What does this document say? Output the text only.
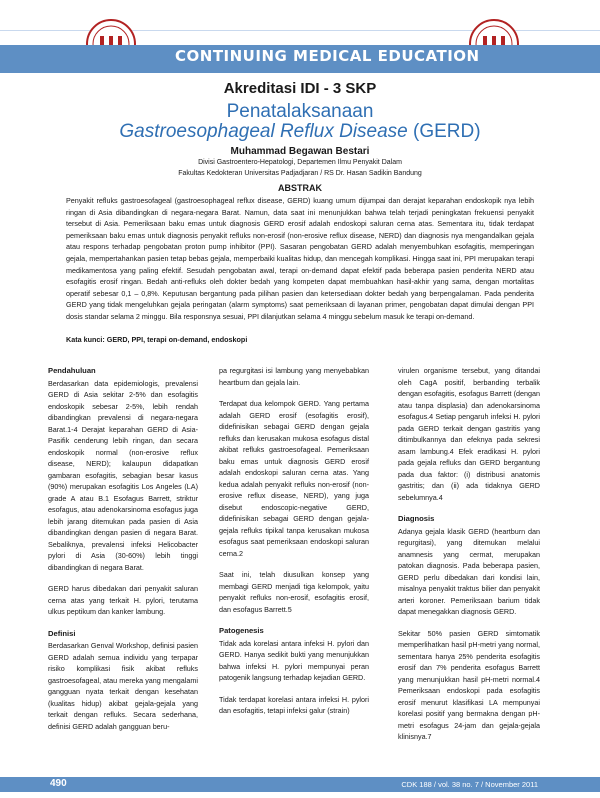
CONTINUING MEDICAL EDUCATION
Akreditasi IDI - 3 SKP
Penatalaksanaan
Gastroesophageal Reflux Disease (GERD)
Muhammad Begawan Bestari
Divisi Gastroentero-Hepatologi, Departemen Ilmu Penyakit Dalam
Fakultas Kedokteran Universitas Padjadjaran / RS Dr. Hasan Sadikin Bandung
ABSTRAK
Penyakit refluks gastroesofageal (gastroesophageal reflux disease, GERD) kuang umum dijumpai dan derajat keparahan endoskopik nya lebih ringan di Asia dibandingkan di negara-negara Barat. Namun, data saat ini menunjukkan bahwa telah terjadi peningkatan frekuensi penyakit tersebut di Asia. Pemeriksaan baku emas untuk diagnosis GERD erosif adalah endoskopi saluran cerna atas. Sementara itu, tidak terdapat pemeriksaan baku emas untuk diagnosis penyakit refluks non-erosif (non-erosive reflux disease, NERD) dan diagnosis nya mengandalkan gejala atau respons terhadap pengobatan proton pump inhibitor (PPI). Sasaran pengobatan GERD adalah menyembuhkan esofagitis, memperingan gejala, mempertahankan pasien tetap bebas gejala, memperbaiki kualitas hidup, dan mencegah komplikasi. Hingga saat ini, PPI merupakan terapi medikamentosa yang paling efektif. Sesudah pengobatan awal, terapi on-demand dapat efektif pada beberapa pasien penderita NERD atau esofagitis erosif ringan. Bedah anti-refluks oleh dokter bedah yang kompeten dapat membuahkan hasil-akhir yang sama, dengan mortalitas operatif sebesar 0,1 – 0,8%. Keputusan bergantung pada pilihan pasien dan ketersediaan dokter bedah yang berpengalaman. Pada penderita GERD yang tidak mengeluhkan gejala peringatan (alarm symptoms) saat pemeriksaan di layanan primer, pengobatan dapat dimulai dengan PPI dosis standar selama 2 minggu. Bila responsnya sesuai, PPI dilanjutkan selama 4 minggu sebelum masuk ke terapi on-demand.
Kata kunci: GERD, PPI, terapi on-demand, endoskopi
Pendahuluan

Berdasarkan data epidemiologis, prevalensi GERD di Asia sekitar 2-5% dan esofagitis endoskopik sebesar 2-5%, lebih rendah dibandingkan prevalensi di negara-negara Barat.1-4 Derajat keparahan GERD di Asia-Pasifik cenderung lebih ringan, dan secara endoskopik normal (non-erosive reflux disease, NERD); kalaupun didapatkan gambaran esofagitis, sebagian besar kasus (90%) merupakan esofagitis Los Angeles (LA) grade A atau B.1 Esofagus Barrett, striktur esofagus, atau adenokarsinoma esofagus juga lebih jarang ditemukan pada pasien di Asia dibandingkan dengan pasien di negara Barat. Sebaliknya, prevalensi infeksi Helicobacter pylori di Asia (30-60%) lebih tinggi dibandingkan di negara Barat.

GERD harus dibedakan dari penyakit saluran cerna atas yang terkait H. pylori, terutama ulkus peptikum dan kanker lambung.

Definisi

Berdasarkan Genval Workshop, definisi pasien GERD adalah semua individu yang terpapar risiko komplikasi fisik akibat refluks gastroesofageal, atau mereka yang mengalami gangguan nyata terkait dengan kesehatan (kualitas hidup) akibat gejala-gejala yang terkait dengan refluks. Secara sederhana, definisi GERD adalah gangguan beru-

pa regurgitasi isi lambung yang menyebabkan heartburn dan gejala lain.

Terdapat dua kelompok GERD. Yang pertama adalah GERD erosif (esofagitis erosif), didefinisikan sebagai GERD dengan gejala refluks dan kerusakan mukosa esofagus distal akibat refluks gastroesofageal. Pemeriksaan baku emas untuk diagnosis GERD erosif adalah endoskopi saluran cerna atas. Yang kedua adalah penyakit refluks non-erosif (non-erosive reflux disease, NERD), yang juga disebut endoscopic-negative GERD, didefinisikan sebagai GERD dengan gejala-gejala refluks tipikal tanpa kerusakan mukosa esofagus saat pemeriksaan endoskopi saluran cerna.2

Saat ini, telah diusulkan konsep yang membagi GERD menjadi tiga kelompok, yaitu penyakit refluks non-erosif, esofagitis erosif, dan esofagus Barrett.5

Patogenesis

Tidak ada korelasi antara infeksi H. pylori dan GERD. Hanya sedikit bukti yang menunjukkan bahwa infeksi H. pylori mempunyai peran patogenik langsung terhadap kejadian GERD.

Tidak terdapat korelasi antara infeksi H. pylori dan esofagitis, tetapi infeksi galur (strain)

virulen organisme tersebut, yang ditandai oleh CagA positif, berbanding terbalik dengan esofagitis, esofagus Barrett (dengan atau tanpa displasia) dan adenokarsinoma esofagus.4 Setiap pengaruh infeksi H. pylori pada GERD terkait dengan gastritis yang ditimbulkannya dan efeknya pada sekresi asam lambung.4 Efek eradikasi H. pylori pada gejala refluks dan GERD bergantung pada dua faktor: (i) distribusi anatomis gastritis; dan (ii) ada tidaknya GERD sebelumnya.4

Diagnosis

Adanya gejala klasik GERD (heartburn dan regurgitasi), yang ditemukan melalui anamnesis yang cermat, merupakan patokan diagnosis. Pada beberapa pasien, GERD perlu dibedakan dari kondisi lain, misalnya penyakit traktus bilier dan penyakit arteri koroner. Pemeriksaan barium tidak dapat menegakkan diagnosis GERD.

Sekitar 50% pasien GERD simtomatik memperlihatkan hasil pH-metri yang normal, sementara hanya 25% penderita esofagitis erosif dan 7% penderita esofagus Barrett yang menunjukkan hasil pH-metri normal.4 Pemeriksaan endoskopi pada esofagitis erosif menurut klasifikasi LA mempunyai korelasi positif yang bermakna dengan pH-metri esofagus 24-jam dan gejala-gejala klinisnya.7

490	CDK 188 / vol. 38 no. 7 / November 2011
